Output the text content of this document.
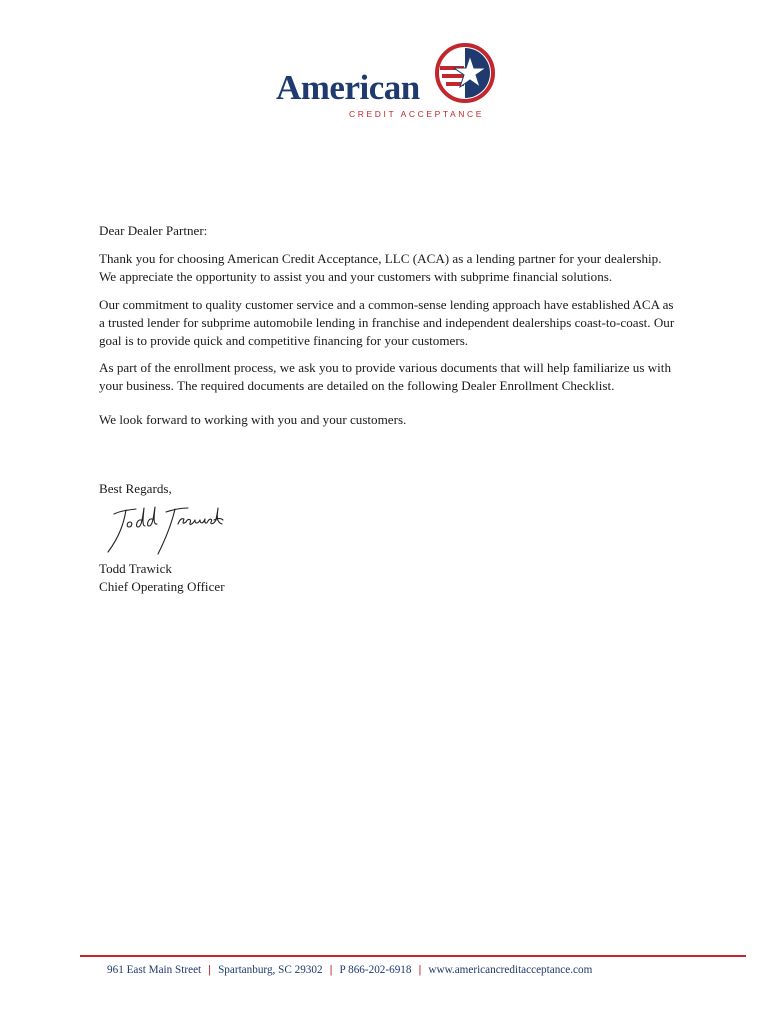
American
CREDIT ACCEPTANCE

Dear Dealer Partner:

Thank you for choosing American Credit Acceptance, LLC (ACA) as a lending partner for your dealership. We appreciate the opportunity to assist you and your customers with subprime financial solutions.

Our commitment to quality customer service and a common-sense lending approach have established ACA as a trusted lender for subprime automobile lending in franchise and independent dealerships coast-to-coast. Our goal is to provide quick and competitive financing for your customers.

As part of the enrollment process, we ask you to provide various documents that will help familiarize us with your business. The required documents are detailed on the following Dealer Enrollment Checklist.

We look forward to working with you and your customers.

Best Regards,
Todd Trawick
Chief Operating Officer
961 East Main Street | Spartanburg, SC 29302 | P 866-202-6918 | www.americancreditacceptance.com
